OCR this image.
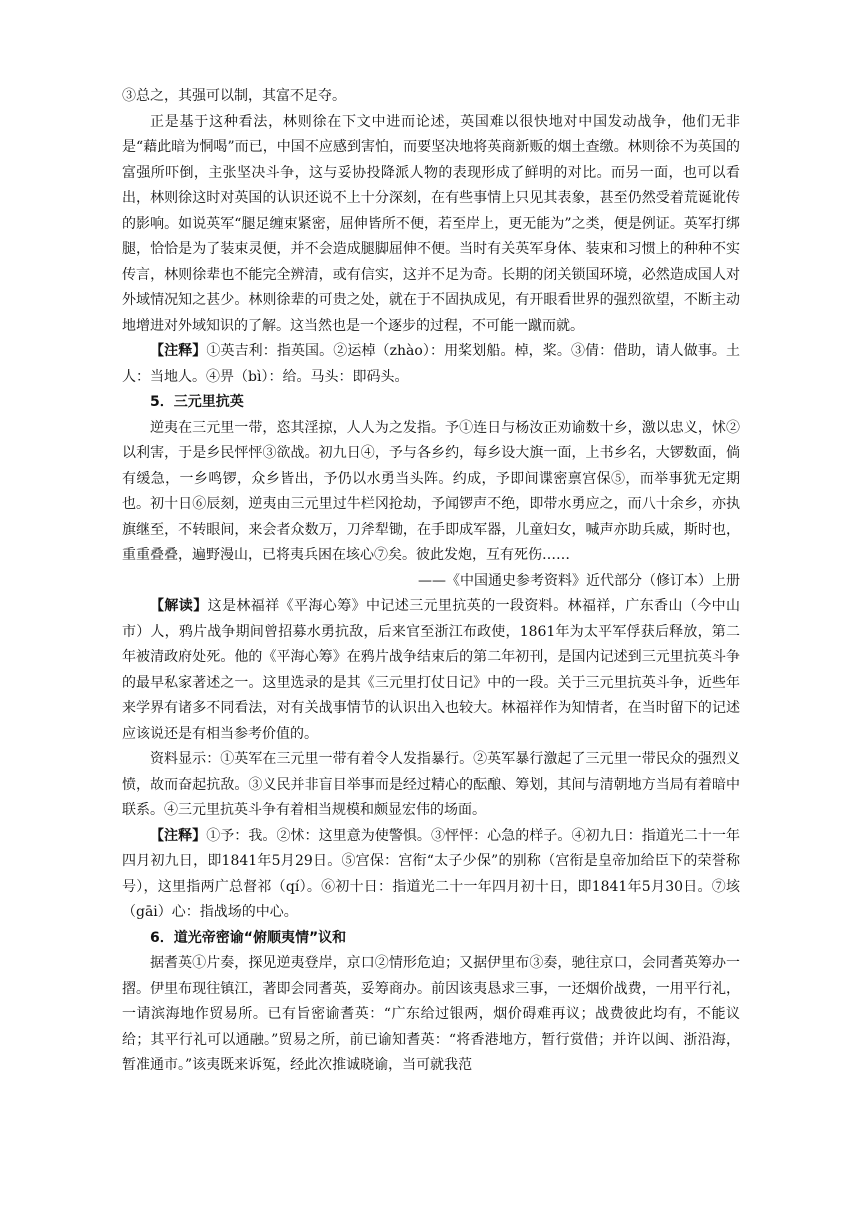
③总之，其强可以制，其富不足夺。

正是基于这种看法，林则徐在下文中进而论述，英国难以很快地对中国发动战争，他们无非是“藉此暗为恫喝”而已，中国不应感到害怕，而要坚决地将英商新贩的烟土查缴。林则徐不为英国的富强所吓倒，主张坚决斗争，这与妥协投降派人物的表现形成了鲜明的对比。而另一面，也可以看出，林则徐这时对英国的认识还说不上十分深刻，在有些事情上只见其表象，甚至仍然受着荒诞讹传的影响。如说英军“腿足缠束紧密，屈伸皆所不便，若至岸上，更无能为”之类，便是例证。英军打绑腿，恰恰是为了装束灵便，并不会造成腿脚屈伸不便。当时有关英军身体、装束和习惯上的种种不实传言，林则徐辈也不能完全辨清，或有信实，这并不足为奇。长期的闭关锁国环境，必然造成国人对外域情况知之甚少。林则徐辈的可贵之处，就在于不固执成见，有开眼看世界的强烈欲望，不断主动地增进对外域知识的了解。这当然也是一个逐步的过程，不可能一蹴而就。

【注释】①英吉利：指英国。②运棹（zhào）：用桨划船。棹，桨。③倩：借助，请人做事。土人：当地人。④畀（bì）：给。马头：即码头。

5．三元里抗英

逆夷在三元里一带，恣其淫掠，人人为之发指。予①连日与杨汝正劝谕数十乡，激以忠义，怵②以利害，于是乡民怦怦③欲战。初九日④，予与各乡约，每乡设大旗一面，上书乡名，大锣数面，倘有缓急，一乡鸣锣，众乡皆出，予仍以水勇当头阵。约成，予即间谍密禀宫保⑤，而举事犹无定期也。初十日⑥辰刻，逆夷由三元里过牛栏冈抢劫，予闻锣声不绝，即带水勇应之，而八十余乡，亦执旗继至，不转眼间，来会者众数万，刀斧犁锄，在手即成军器，儿童妇女，喊声亦助兵威，斯时也，重重叠叠，遍野漫山，已将夷兵困在垓心⑦矣。彼此发炮，互有死伤……

——《中国通史参考资料》近代部分（修订本）上册

【解读】这是林福祥《平海心筹》中记述三元里抗英的一段资料。林福祥，广东香山（今中山市）人，鸦片战争期间曾招募水勇抗敌，后来官至浙江布政使，1861年为太平军俘获后释放，第二年被清政府处死。他的《平海心筹》在鸦片战争结束后的第二年初刊，是国内记述到三元里抗英斗争的最早私家著述之一。这里选录的是其《三元里打仗日记》中的一段。关于三元里抗英斗争，近些年来学界有诸多不同看法，对有关战事情节的认识出入也较大。林福祥作为知情者，在当时留下的记述应该说还是有相当参考价值的。

资料显示：①英军在三元里一带有着令人发指暴行。②英军暴行激起了三元里一带民众的强烈义愤，故而奋起抗敌。③义民并非盲目举事而是经过精心的酝酿、筹划，其间与清朝地方当局有着暗中联系。④三元里抗英斗争有着相当规模和颇显宏伟的场面。

【注释】①予：我。②怵：这里意为使警惧。③怦怦：心急的样子。④初九日：指道光二十一年四月初九日，即1841年5月29日。⑤宫保：宫衔“太子少保”的别称（宫衔是皇帝加给臣下的荣誉称号），这里指两广总督祁（qí）。⑥初十日：指道光二十一年四月初十日，即1841年5月30日。⑦垓（gāi）心：指战场的中心。

6．道光帝密谕“俯顺夷情”议和

据耆英①片奏，探见逆夷登岸，京口②情形危迫；又据伊里布③奏，驰往京口，会同耆英筹办一摺。伊里布现往镇江，著即会同耆英，妥筹商办。前因该夷恳求三事，一还烟价战费，一用平行礼，一请滨海地作贸易所。已有旨密谕耆英：“广东给过银两，烟价碍难再议；战费彼此均有，不能议给；其平行礼可以通融。”贸易之所，前已谕知耆英：“将香港地方，暂行赏借；并许以闽、浙沿海，暂准通市。”该夷既来诉冤，经此次推诚晓谕，当可就我范
